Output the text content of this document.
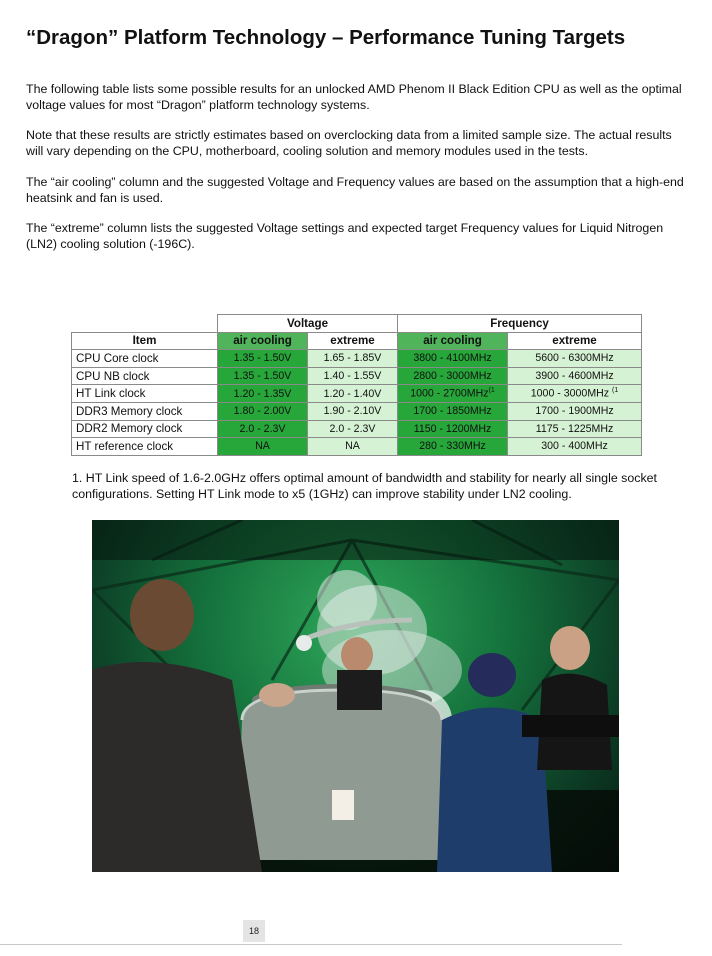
“Dragon” Platform Technology – Performance Tuning Targets

The following table lists some possible results for an unlocked AMD Phenom II Black Edition CPU as well as the optimal voltage values for most “Dragon” platform technology systems.

Note that these results are strictly estimates based on overclocking data from a limited sample size. The actual results will vary depending on the CPU, motherboard, cooling solution and memory modules used in the tests.

The “air cooling” column and the suggested Voltage and Frequency values are based on the assumption that a high-end heatsink and fan is used.

The “extreme” column lists the suggested Voltage settings and expected target Frequency values for Liquid Nitrogen (LN2) cooling solution (-196C).

	Voltage		Frequency	
Item	air cooling	extreme	air cooling	extreme
CPU Core clock	1.35 - 1.50V	1.65 - 1.85V	3800 - 4100MHz	5600 - 6300MHz
CPU NB clock	1.35 - 1.50V	1.40 - 1.55V	2800 - 3000MHz	3900 - 4600MHz
HT Link clock	1.20 - 1.35V	1.20 - 1.40V	1000 - 2700MHz$^{(1}$	1000 - 3000MHz $^{(1}$
DDR3 Memory clock	1.80 - 2.00V	1.90 - 2.10V	1700 - 1850MHz	1700 - 1900MHz
DDR2 Memory clock	2.0 - 2.3V	2.0 - 2.3V	1150 - 1200MHz	1175 - 1225MHz
HT reference clock	NA	NA	280 - 330MHz	300 - 400MHz

1. HT Link speed of 1.6-2.0GHz offers optimal amount of bandwidth and stability for nearly all single socket configurations. Setting HT Link mode to x5 (1GHz) can improve stability under LN2 cooling.

18
